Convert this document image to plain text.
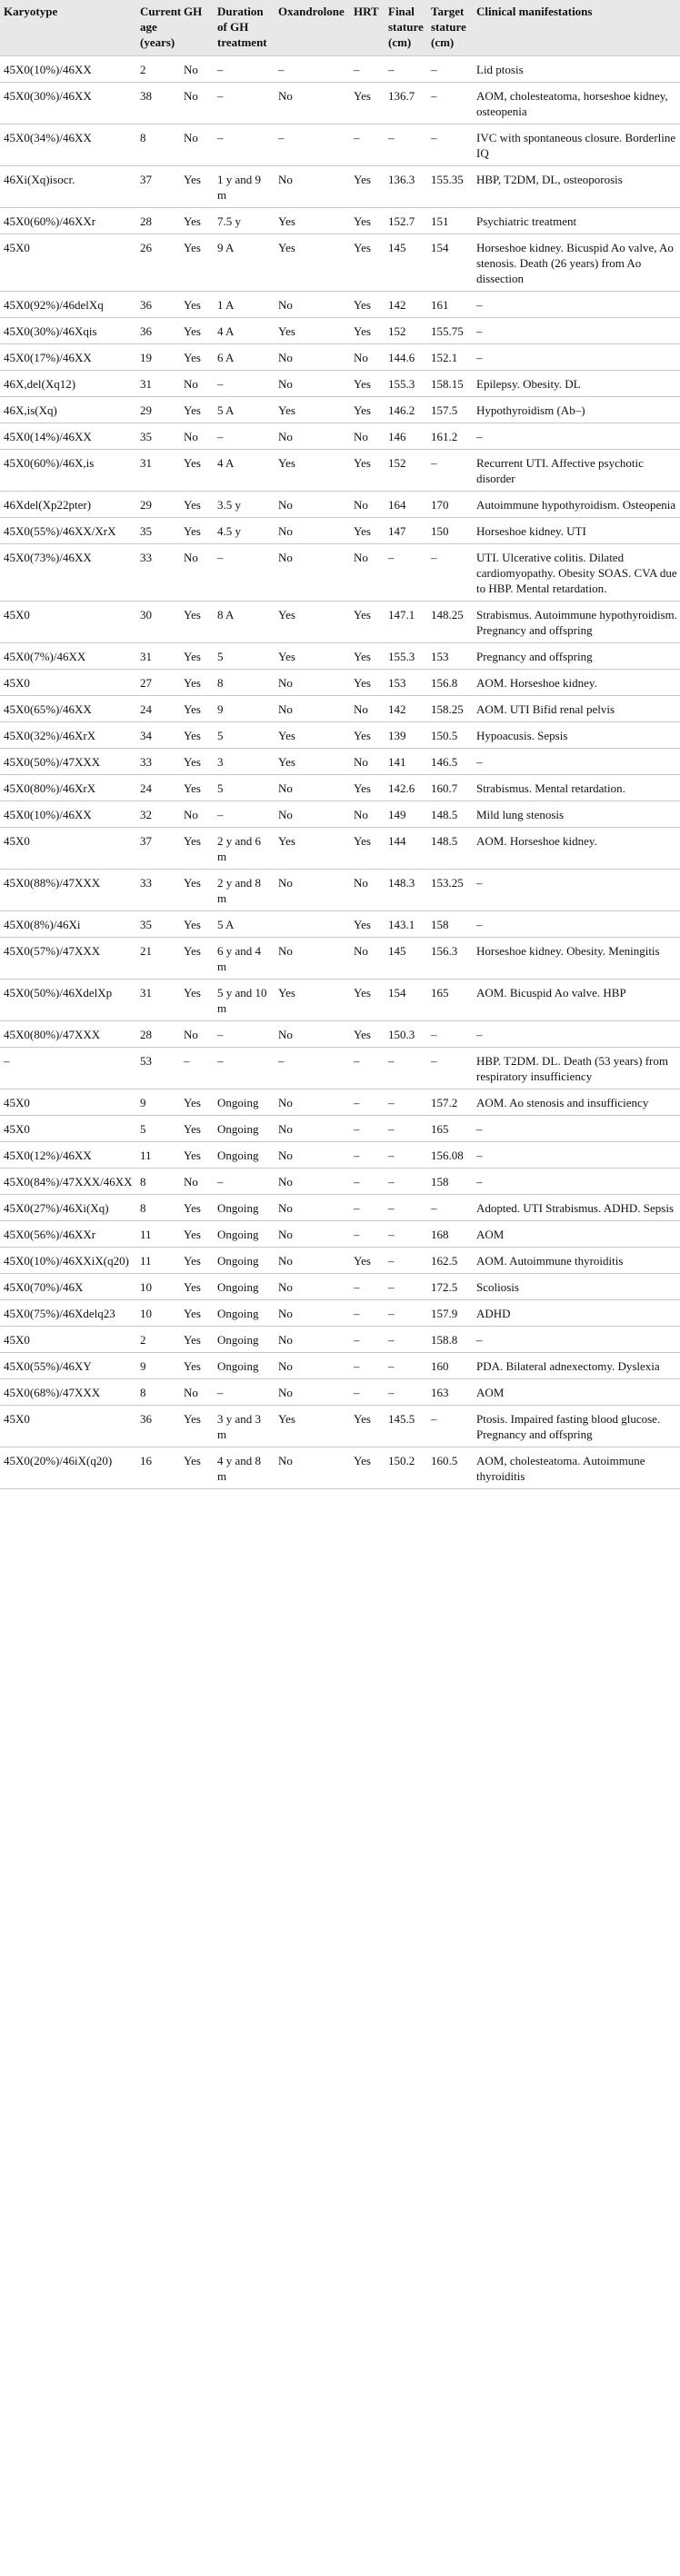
Karyotype	Current age (years)	GH	Duration of GH treatment	Oxandrolone	HRT	Final stature (cm)	Target stature (cm)	Clinical manifestations
45X0(10%)/46XX	2	No	–	–	–	–	–	Lid ptosis
45X0(30%)/46XX	38	No	–	No	Yes	136.7	–	AOM, cholesteatoma, horseshoe kidney, osteopenia
45X0(34%)/46XX	8	No	–	–	–	–	–	IVC with spontaneous closure. Borderline IQ
46Xi(Xq)isocr.	37	Yes	1 y and 9 m	No	Yes	136.3	155.35	HBP, T2DM, DL, osteoporosis
45X0(60%)/46XXr	28	Yes	7.5 y	Yes	Yes	152.7	151	Psychiatric treatment
45X0	26	Yes	9 A	Yes	Yes	145	154	Horseshoe kidney. Bicuspid Ao valve, Ao stenosis. Death (26 years) from Ao dissection
45X0(92%)/46delXq	36	Yes	1 A	No	Yes	142	161	–
45X0(30%)/46Xqis	36	Yes	4 A	Yes	Yes	152	155.75	–
45X0(17%)/46XX	19	Yes	6 A	No	No	144.6	152.1	–
46X,del(Xq12)	31	No	–	No	Yes	155.3	158.15	Epilepsy. Obesity. DL
46X,is(Xq)	29	Yes	5 A	Yes	Yes	146.2	157.5	Hypothyroidism (Ab–)
45X0(14%)/46XX	35	No	–	No	No	146	161.2	–
45X0(60%)/46X,is	31	Yes	4 A	Yes	Yes	152	–	Recurrent UTI. Affective psychotic disorder
46Xdel(Xp22pter)	29	Yes	3.5 y	No	No	164	170	Autoimmune hypothyroidism. Osteopenia
45X0(55%)/46XX/XrX	35	Yes	4.5 y	No	Yes	147	150	Horseshoe kidney. UTI
45X0(73%)/46XX	33	No	–	No	No	–	–	UTI. Ulcerative colitis. Dilated cardiomyopathy. Obesity SOAS. CVA due to HBP. Mental retardation.
45X0	30	Yes	8 A	Yes	Yes	147.1	148.25	Strabismus. Autoimmune hypothyroidism. Pregnancy and offspring
45X0(7%)/46XX	31	Yes	5	Yes	Yes	155.3	153	Pregnancy and offspring
45X0	27	Yes	8	No	Yes	153	156.8	AOM. Horseshoe kidney.
45X0(65%)/46XX	24	Yes	9	No	No	142	158.25	AOM. UTI Bifid renal pelvis
45X0(32%)/46XrX	34	Yes	5	Yes	Yes	139	150.5	Hypoacusis. Sepsis
45X0(50%)/47XXX	33	Yes	3	Yes	No	141	146.5	–
45X0(80%)/46XrX	24	Yes	5	No	Yes	142.6	160.7	Strabismus. Mental retardation.
45X0(10%)/46XX	32	No	–	No	No	149	148.5	Mild lung stenosis
45X0	37	Yes	2 y and 6 m	Yes	Yes	144	148.5	AOM. Horseshoe kidney.
45X0(88%)/47XXX	33	Yes	2 y and 8 m	No	No	148.3	153.25	–
45X0(8%)/46Xi	35	Yes	5 A		Yes	143.1	158	–
45X0(57%)/47XXX	21	Yes	6 y and 4 m	No	No	145	156.3	Horseshoe kidney. Obesity. Meningitis
45X0(50%)/46XdelXp	31	Yes	5 y and 10 m	Yes	Yes	154	165	AOM. Bicuspid Ao valve. HBP
45X0(80%)/47XXX	28	No	–	No	Yes	150.3	–	–
–	53	–	–	–	–	–	–	HBP. T2DM. DL. Death (53 years) from respiratory insufficiency
45X0	9	Yes	Ongoing	No	–	–	157.2	AOM. Ao stenosis and insufficiency
45X0	5	Yes	Ongoing	No	–	–	165	–
45X0(12%)/46XX	11	Yes	Ongoing	No	–	–	156.08	–
45X0(84%)/47XXX/46XX	8	No	–	No	–	–	158	–
45X0(27%)/46Xi(Xq)	8	Yes	Ongoing	No	–	–	–	Adopted. UTI Strabismus. ADHD. Sepsis
45X0(56%)/46XXr	11	Yes	Ongoing	No	–	–	168	AOM
45X0(10%)/46XXiX(q20)	11	Yes	Ongoing	No	Yes	–	162.5	AOM. Autoimmune thyroiditis
45X0(70%)/46X	10	Yes	Ongoing	No	–	–	172.5	Scoliosis
45X0(75%)/46Xdelq23	10	Yes	Ongoing	No	–	–	157.9	ADHD
45X0	2	Yes	Ongoing	No	–	–	158.8	–
45X0(55%)/46XY	9	Yes	Ongoing	No	–	–	160	PDA. Bilateral adnexectomy. Dyslexia
45X0(68%)/47XXX	8	No	–	No	–	–	163	AOM
45X0	36	Yes	3 y and 3 m	Yes	Yes	145.5	–	Ptosis. Impaired fasting blood glucose. Pregnancy and offspring
45X0(20%)/46iX(q20)	16	Yes	4 y and 8 m	No	Yes	150.2	160.5	AOM, cholesteatoma. Autoimmune thyroiditis
